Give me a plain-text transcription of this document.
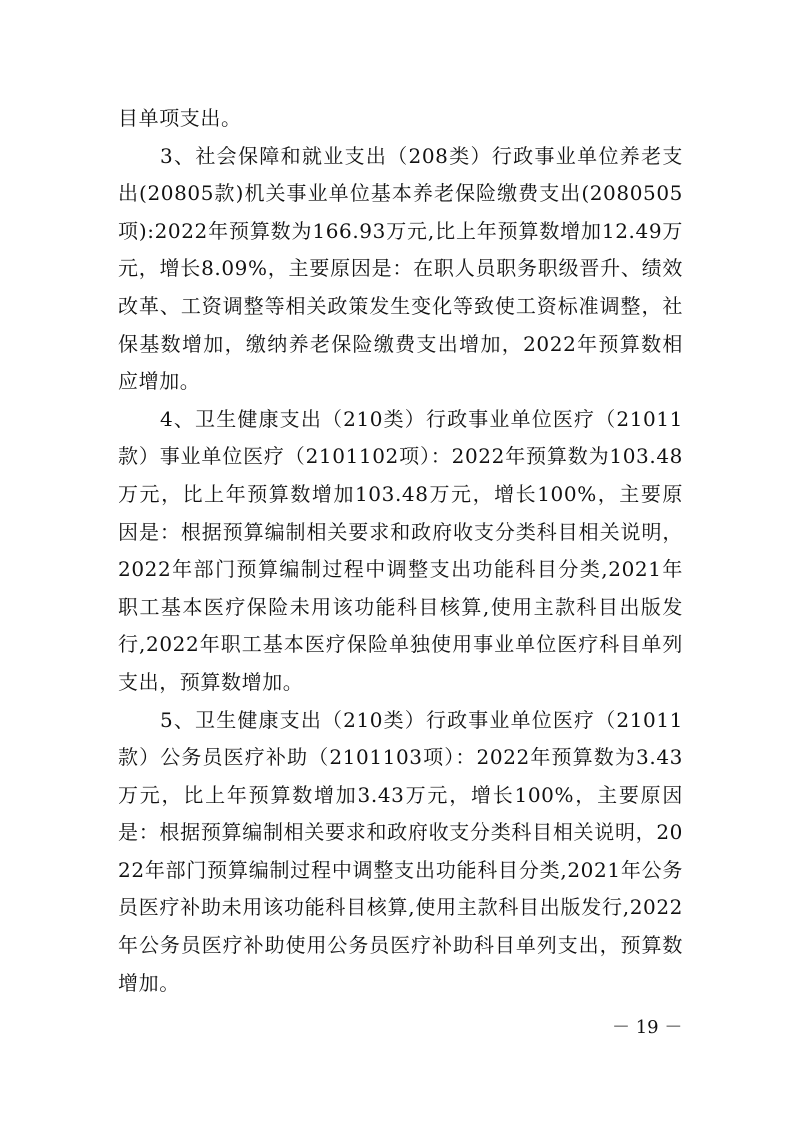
目单项支出。

3、社会保障和就业支出（208类）行政事业单位养老支出(20805款)机关事业单位基本养老保险缴费支出(2080505项):2022年预算数为166.93万元,比上年预算数增加12.49万元，增长8.09%，主要原因是：在职人员职务职级晋升、绩效改革、工资调整等相关政策发生变化等致使工资标准调整，社保基数增加，缴纳养老保险缴费支出增加，2022年预算数相应增加。

4、卫生健康支出（210类）行政事业单位医疗（21011款）事业单位医疗（2101102项）：2022年预算数为103.48万元，比上年预算数增加103.48万元，增长100%，主要原因是：根据预算编制相关要求和政府收支分类科目相关说明，2022年部门预算编制过程中调整支出功能科目分类,2021年职工基本医疗保险未用该功能科目核算,使用主款科目出版发行,2022年职工基本医疗保险单独使用事业单位医疗科目单列支出，预算数增加。

5、卫生健康支出（210类）行政事业单位医疗（21011款）公务员医疗补助（2101103项）：2022年预算数为3.43万元，比上年预算数增加3.43万元，增长100%，主要原因是：根据预算编制相关要求和政府收支分类科目相关说明，2022年部门预算编制过程中调整支出功能科目分类,2021年公务员医疗补助未用该功能科目核算,使用主款科目出版发行,2022年公务员医疗补助使用公务员医疗补助科目单列支出，预算数增加。

－ 19 －
